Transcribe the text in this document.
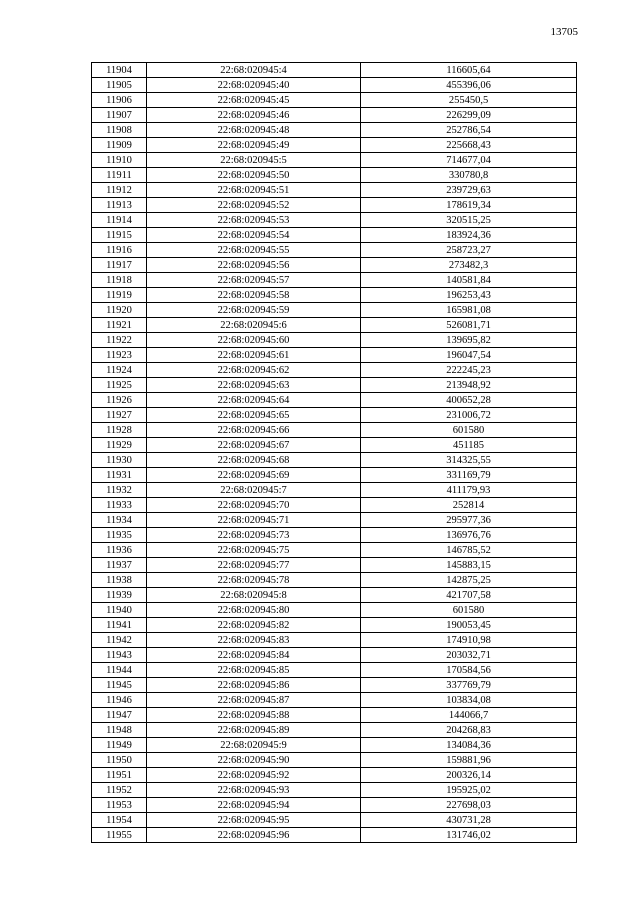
13705
11904	22:68:020945:4	116605,64
11905	22:68:020945:40	455396,06
11906	22:68:020945:45	255450,5
11907	22:68:020945:46	226299,09
11908	22:68:020945:48	252786,54
11909	22:68:020945:49	225668,43
11910	22:68:020945:5	714677,04
11911	22:68:020945:50	330780,8
11912	22:68:020945:51	239729,63
11913	22:68:020945:52	178619,34
11914	22:68:020945:53	320515,25
11915	22:68:020945:54	183924,36
11916	22:68:020945:55	258723,27
11917	22:68:020945:56	273482,3
11918	22:68:020945:57	140581,84
11919	22:68:020945:58	196253,43
11920	22:68:020945:59	165981,08
11921	22:68:020945:6	526081,71
11922	22:68:020945:60	139695,82
11923	22:68:020945:61	196047,54
11924	22:68:020945:62	222245,23
11925	22:68:020945:63	213948,92
11926	22:68:020945:64	400652,28
11927	22:68:020945:65	231006,72
11928	22:68:020945:66	601580
11929	22:68:020945:67	451185
11930	22:68:020945:68	314325,55
11931	22:68:020945:69	331169,79
11932	22:68:020945:7	411179,93
11933	22:68:020945:70	252814
11934	22:68:020945:71	295977,36
11935	22:68:020945:73	136976,76
11936	22:68:020945:75	146785,52
11937	22:68:020945:77	145883,15
11938	22:68:020945:78	142875,25
11939	22:68:020945:8	421707,58
11940	22:68:020945:80	601580
11941	22:68:020945:82	190053,45
11942	22:68:020945:83	174910,98
11943	22:68:020945:84	203032,71
11944	22:68:020945:85	170584,56
11945	22:68:020945:86	337769,79
11946	22:68:020945:87	103834,08
11947	22:68:020945:88	144066,7
11948	22:68:020945:89	204268,83
11949	22:68:020945:9	134084,36
11950	22:68:020945:90	159881,96
11951	22:68:020945:92	200326,14
11952	22:68:020945:93	195925,02
11953	22:68:020945:94	227698,03
11954	22:68:020945:95	430731,28
11955	22:68:020945:96	131746,02
